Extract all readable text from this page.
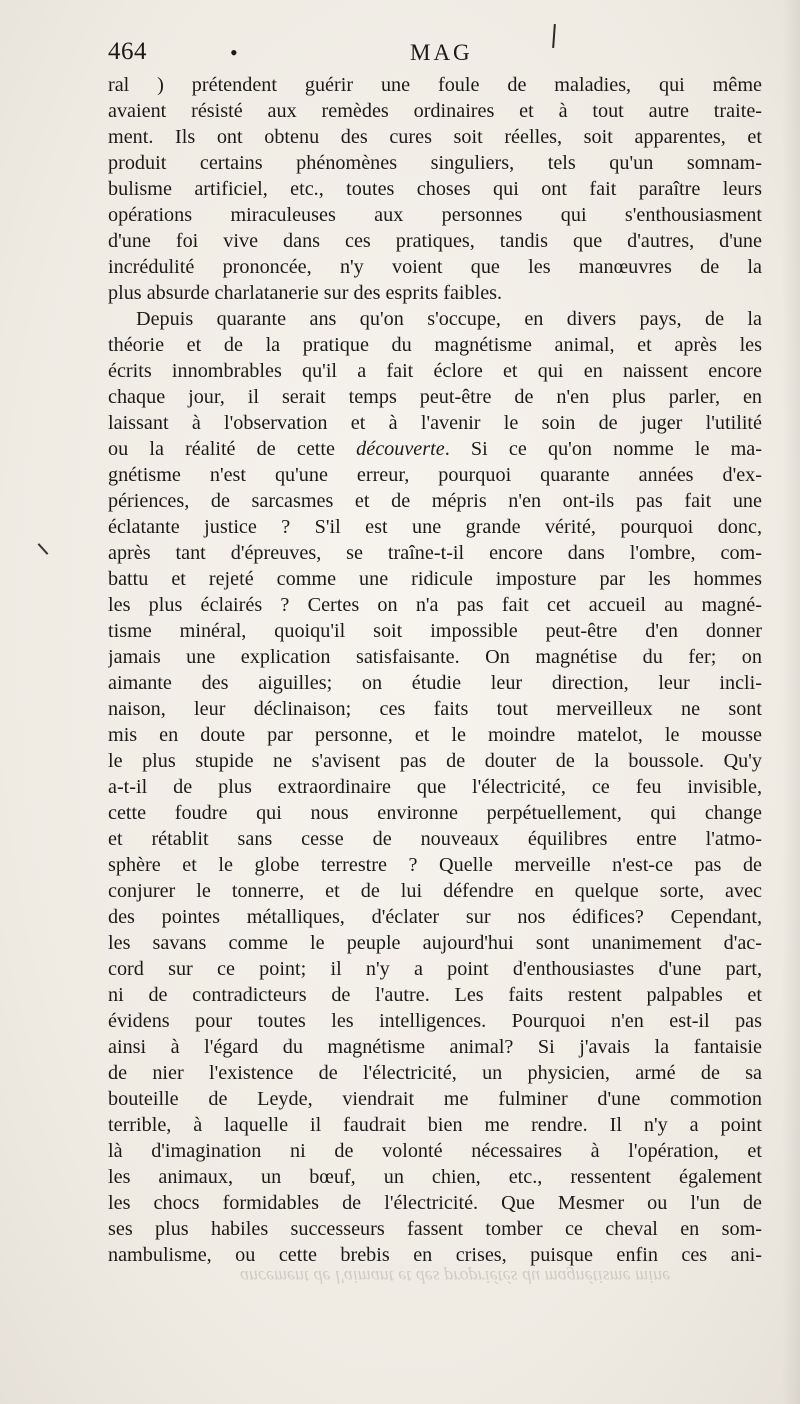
ancement de l'aimant et des propriétés du magnétisme mine
464	•	MAG
ral ) prétendent guérir une foule de maladies, qui même
avaient résisté aux remèdes ordinaires et à tout autre traite-
ment. Ils ont obtenu des cures soit réelles, soit apparentes, et
produit certains phénomènes singuliers, tels qu'un somnam-
bulisme artificiel, etc., toutes choses qui ont fait paraître leurs
opérations miraculeuses aux personnes qui s'enthousiasment
d'une foi vive dans ces pratiques, tandis que d'autres, d'une
incrédulité prononcée, n'y voient que les manœuvres de la
plus absurde charlatanerie sur des esprits faibles.
Depuis quarante ans qu'on s'occupe, en divers pays, de la
théorie et de la pratique du magnétisme animal, et après les
écrits innombrables qu'il a fait éclore et qui en naissent encore
chaque jour, il serait temps peut-être de n'en plus parler, en
laissant à l'observation et à l'avenir le soin de juger l'utilité
ou la réalité de cette découverte. Si ce qu'on nomme le ma-
gnétisme n'est qu'une erreur, pourquoi quarante années d'ex-
périences, de sarcasmes et de mépris n'en ont-ils pas fait une
éclatante justice ? S'il est une grande vérité, pourquoi donc,
après tant d'épreuves, se traîne-t-il encore dans l'ombre, com-
battu et rejeté comme une ridicule imposture par les hommes
les plus éclairés ? Certes on n'a pas fait cet accueil au magné-
tisme minéral, quoiqu'il soit impossible peut-être d'en donner
jamais une explication satisfaisante. On magnétise du fer; on
aimante des aiguilles; on étudie leur direction, leur incli-
naison, leur déclinaison; ces faits tout merveilleux ne sont
mis en doute par personne, et le moindre matelot, le mousse
le plus stupide ne s'avisent pas de douter de la boussole. Qu'y
a-t-il de plus extraordinaire que l'électricité, ce feu invisible,
cette foudre qui nous environne perpétuellement, qui change
et rétablit sans cesse de nouveaux équilibres entre l'atmo-
sphère et le globe terrestre ? Quelle merveille n'est-ce pas de
conjurer le tonnerre, et de lui défendre en quelque sorte, avec
des pointes métalliques, d'éclater sur nos édifices? Cependant,
les savans comme le peuple aujourd'hui sont unanimement d'ac-
cord sur ce point; il n'y a point d'enthousiastes d'une part,
ni de contradicteurs de l'autre. Les faits restent palpables et
évidens pour toutes les intelligences. Pourquoi n'en est-il pas
ainsi à l'égard du magnétisme animal? Si j'avais la fantaisie
de nier l'existence de l'électricité, un physicien, armé de sa
bouteille de Leyde, viendrait me fulminer d'une commotion
terrible, à laquelle il faudrait bien me rendre. Il n'y a point
là d'imagination ni de volonté nécessaires à l'opération, et
les animaux, un bœuf, un chien, etc., ressentent également
les chocs formidables de l'électricité. Que Mesmer ou l'un de
ses plus habiles successeurs fassent tomber ce cheval en som-
nambulisme, ou cette brebis en crises, puisque enfin ces ani-
